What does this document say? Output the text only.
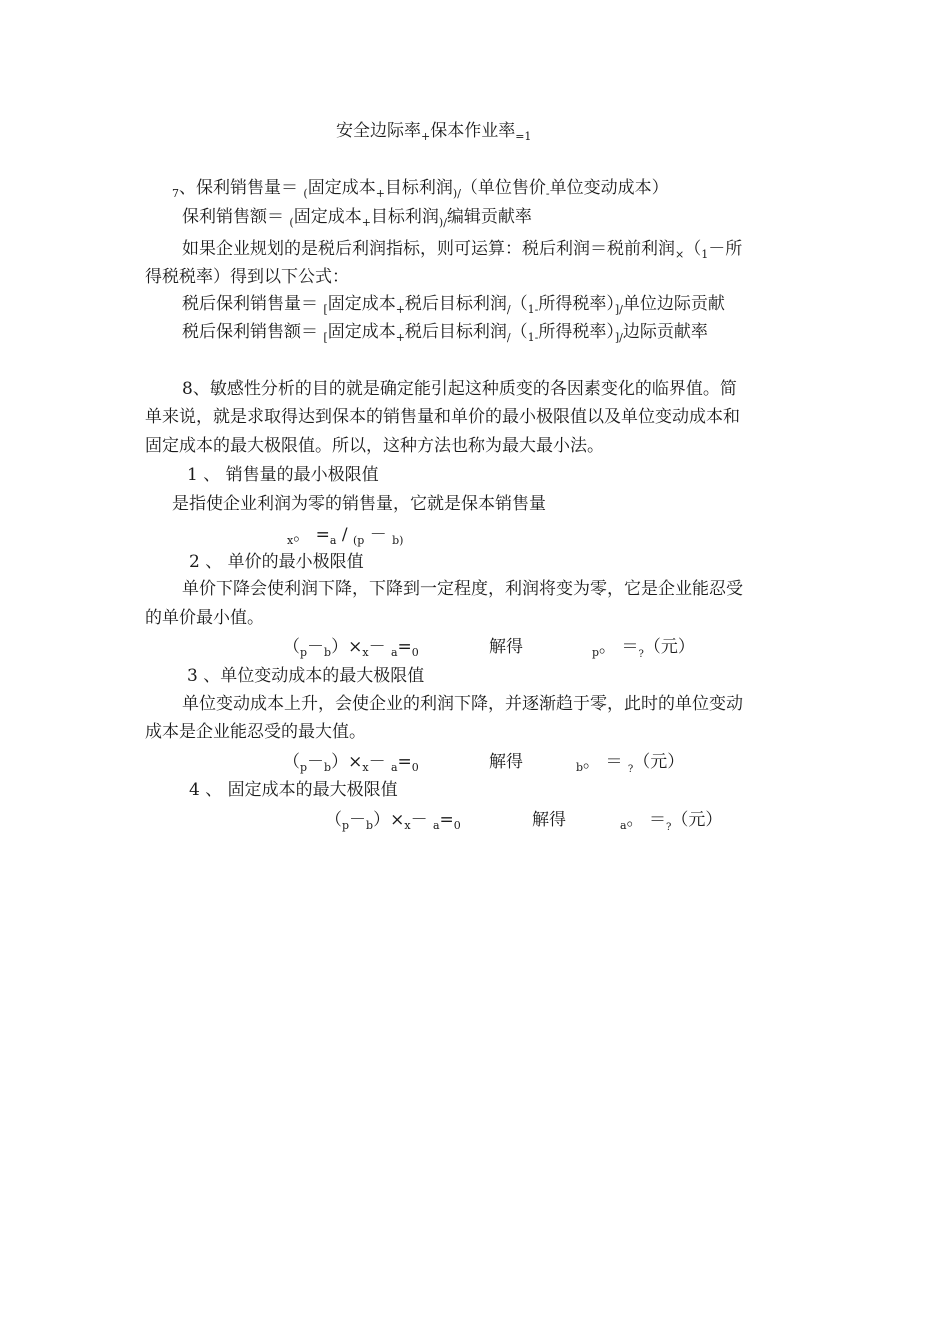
安全边际率$_+$保本作业率$_{=1}$
$_7$、保利销售量＝ $_($固定成本$_+$目标利润$_{)/}$（单位售价$_-$单位变动成本）
保利销售额＝ $_($固定成本$_+$目标利润$_{)/}$编辑贡献率
如果企业规划的是税后利润指标，则可运算：税后利润＝税前利润$_\times(_1-$所
得税税率）得到以下公式：
税后保利销售量＝ $_[$固定成本$_+$税后目标利润$_/(_{1-}$所得税率）$_{]/}$单位边际贡献
税后保利销售额＝ $_[$固定成本$_+$税后目标利润$_/(_{1-}$所得税率）$_{]/}$边际贡献率
8、敏感性分析的目的就是确定能引起这种质变的各因素变化的临界值。简
单来说，就是求取得达到保本的销售量和单价的最小极限值以及单位变动成本和
固定成本的最大极限值。所以，这种方法也称为最大最小法。
1 、 销售量的最小极限值
是指使企业利润为零的销售量，它就是保本销售量
$_x$。 $=_a / _{(p} - _{b)}$
2 、 单价的最小极限值
单价下降会使利润下降，下降到一定程度，利润将变为零，它是企业能忍受
的单价最小值。
$(_p-_b)\times_x- _a=_0$	解得	$_p$。 $=_?$（元）
3 、单位变动成本的最大极限值
单位变动成本上升，会使企业的利润下降，并逐渐趋于零，此时的单位变动
成本是企业能忍受的最大值。
$(_p-_b)\times_x- _a=_0$	解得	$_b$。 ＝ $_?$（元）
4 、 固定成本的最大极限值
$(_p-_b)\times_x- _a=_0$	解得	$_a$。 $=_?$（元）
